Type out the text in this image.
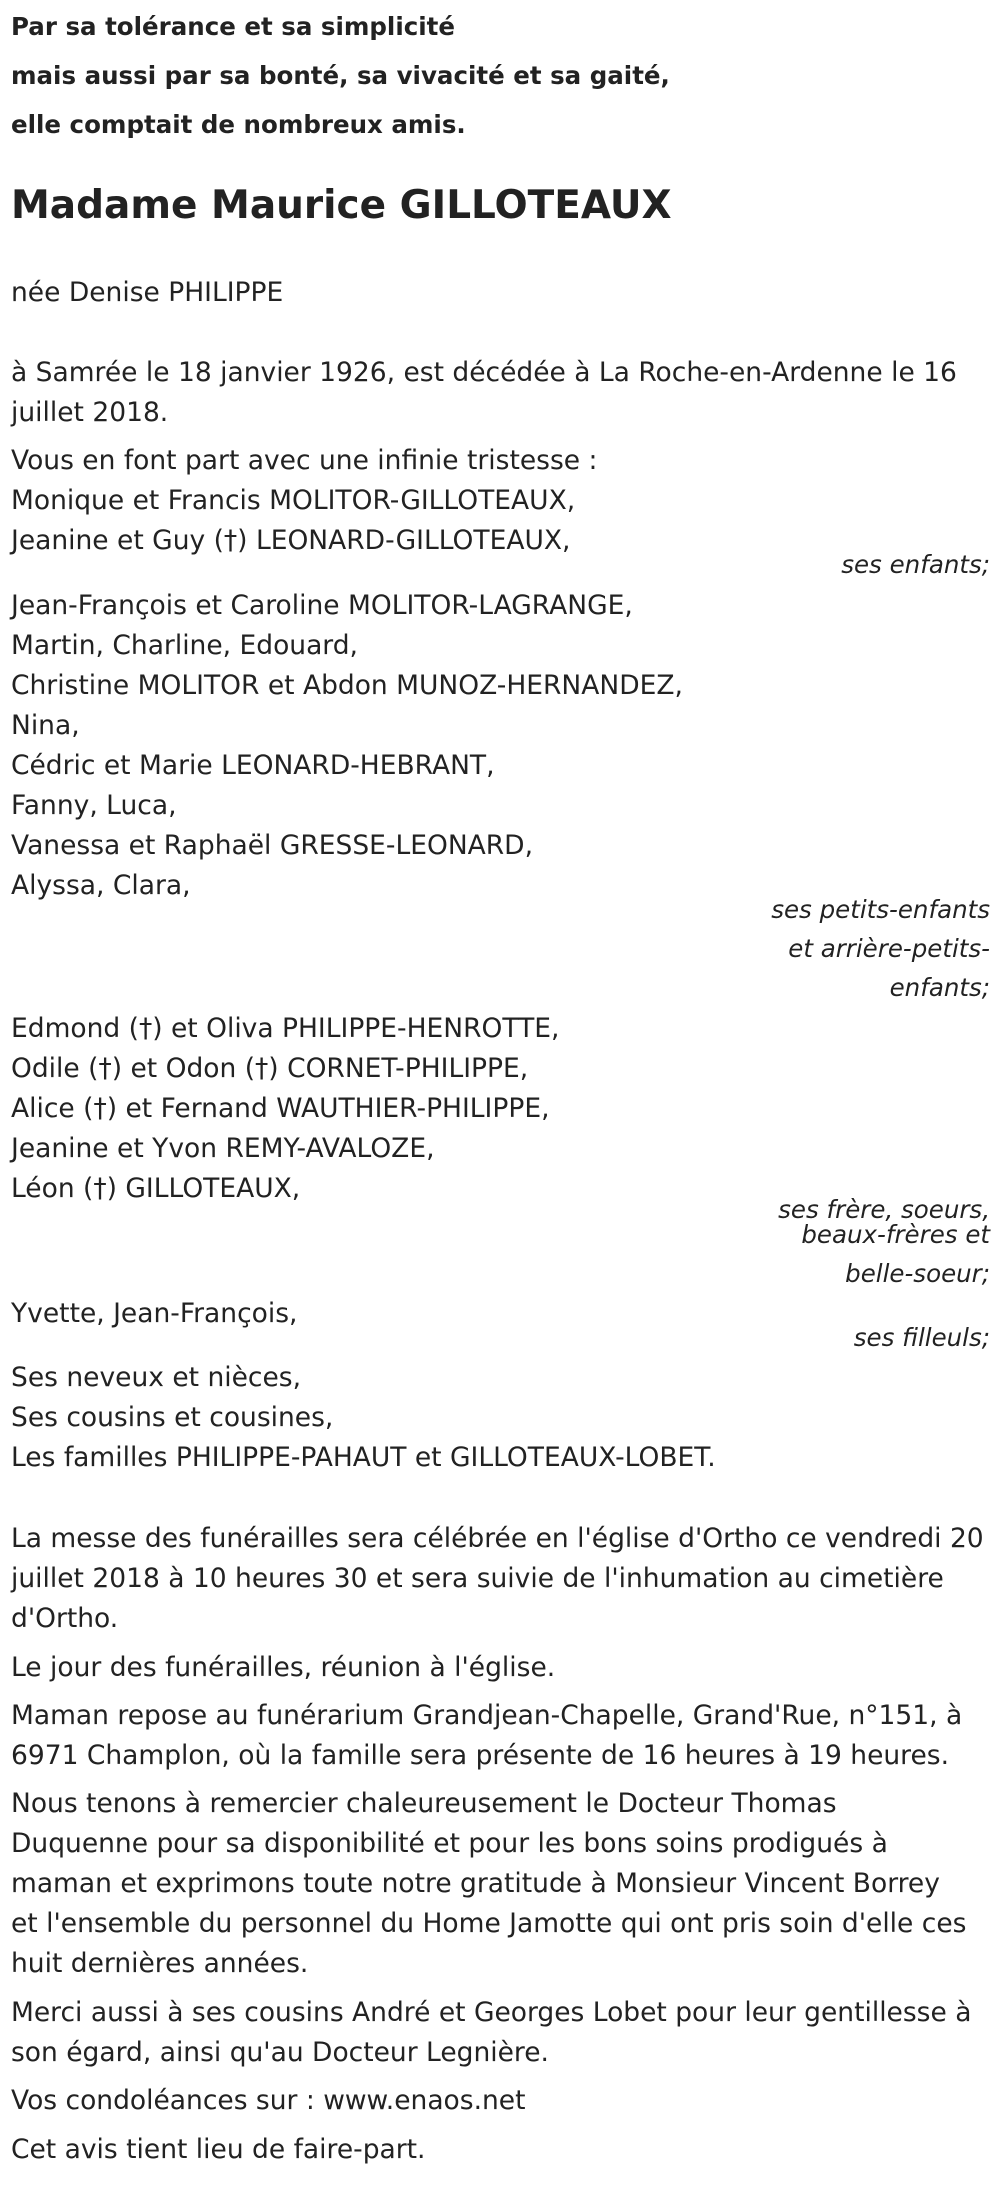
Par sa tolérance et sa simplicité
mais aussi par sa bonté, sa vivacité et sa gaité,
elle comptait de nombreux amis.
Madame Maurice GILLOTEAUX
née Denise PHILIPPE
à Samrée le 18 janvier 1926, est décédée à La Roche-en-Ardenne le 16
juillet 2018.
Vous en font part avec une infinie tristesse :
Monique et Francis MOLITOR-GILLOTEAUX,
Jeanine et Guy (†) LEONARD-GILLOTEAUX,
ses enfants;
Jean-François et Caroline MOLITOR-LAGRANGE,
Martin, Charline, Edouard,
Christine MOLITOR et Abdon MUNOZ-HERNANDEZ,
Nina,
Cédric et Marie LEONARD-HEBRANT,
Fanny, Luca,
Vanessa et Raphaël GRESSE-LEONARD,
Alyssa, Clara,
ses petits-enfants
et arrière-petits-
enfants;
Edmond (†) et Oliva PHILIPPE-HENROTTE,
Odile (†) et Odon (†) CORNET-PHILIPPE,
Alice (†) et Fernand WAUTHIER-PHILIPPE,
Jeanine et Yvon REMY-AVALOZE,
Léon (†) GILLOTEAUX,
ses frère, soeurs,
beaux-frères et
belle-soeur;
Yvette, Jean-François,
ses filleuls;
Ses neveux et nièces,
Ses cousins et cousines,
Les familles PHILIPPE-PAHAUT et GILLOTEAUX-LOBET.
La messe des funérailles sera célébrée en l'église d'Ortho ce vendredi 20
juillet 2018 à 10 heures 30 et sera suivie de l'inhumation au cimetière
d'Ortho.
Le jour des funérailles, réunion à l'église.
Maman repose au funérarium Grandjean-Chapelle, Grand'Rue, n°151, à
6971 Champlon, où la famille sera présente de 16 heures à 19 heures.
Nous tenons à remercier chaleureusement le Docteur Thomas
Duquenne pour sa disponibilité et pour les bons soins prodigués à
maman et exprimons toute notre gratitude à Monsieur Vincent Borrey
et l'ensemble du personnel du Home Jamotte qui ont pris soin d'elle ces
huit dernières années.
Merci aussi à ses cousins André et Georges Lobet pour leur gentillesse à
son égard, ainsi qu'au Docteur Legnière.
Vos condoléances sur : www.enaos.net
Cet avis tient lieu de faire-part.
